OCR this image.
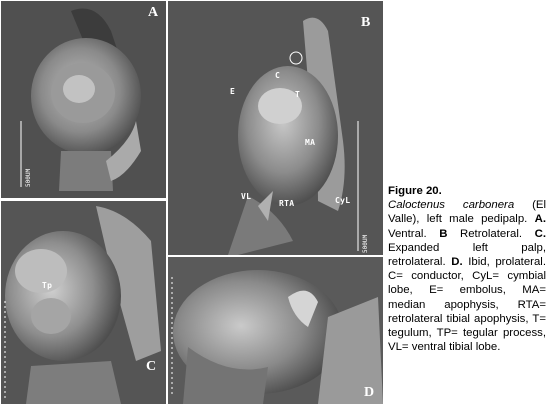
A
500UM
B
E
C
T
MA
VL
RTA	CyL
500UM
C
Tp
D
Figure 20.
Caloctenus carbonera (El Valle), left male pedipalp. A. Ventral. B Retrolateral. C. Expanded left palp, retrolateral. D. Ibid, prolateral. C= conductor, CyL= cymbial lobe, E= embolus, MA= median apophysis, RTA= retrolateral tibial apophysis, T= tegulum, TP= tegular process, VL= ventral tibial lobe.
